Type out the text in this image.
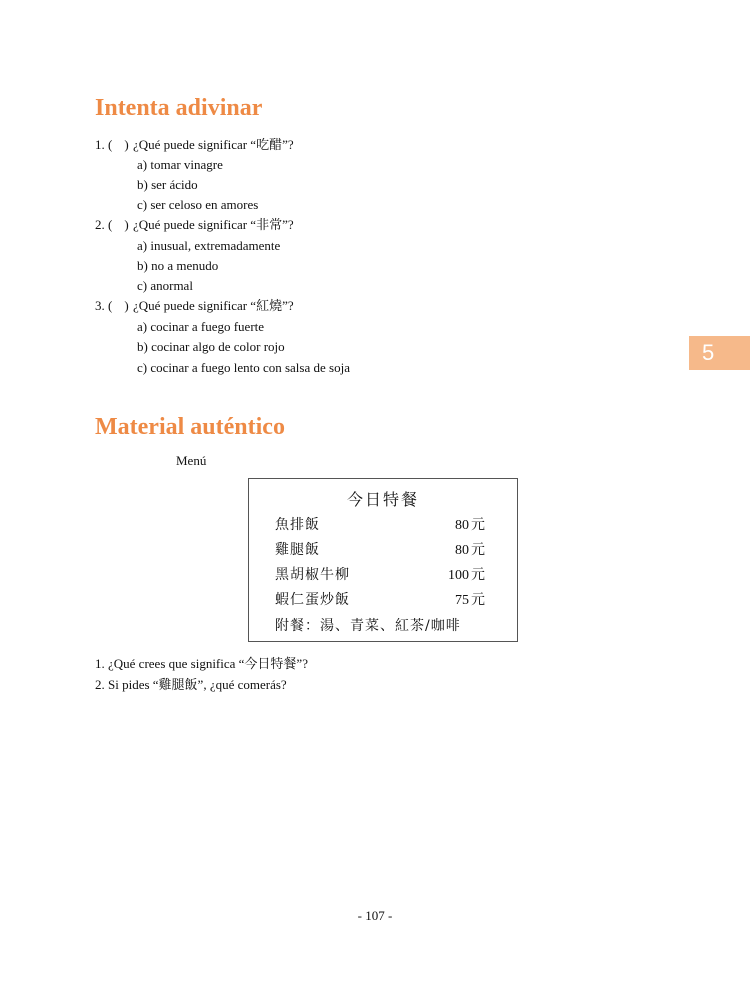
Intenta adivinar
1. ( ) ¿Qué puede significar “吃醋”?
a) tomar vinagre
b) ser ácido
c) ser celoso en amores
2. ( ) ¿Qué puede significar “非常”?
a) inusual, extremadamente
b) no a menudo
c) anormal
3. ( ) ¿Qué puede significar “紅燒”?
a) cocinar a fuego fuerte
b) cocinar algo de color rojo
c) cocinar a fuego lento con salsa de soja
5
Material auténtico
Menú
今日特餐
魚排飯	80 元
雞腿飯	80 元
黑胡椒牛柳	100 元
蝦仁蛋炒飯	75 元
附餐：湯、青菜、紅茶/咖啡
1. ¿Qué crees que significa “今日特餐”?
2. Si pides “雞腿飯”, ¿qué comerás?
- 107 -
